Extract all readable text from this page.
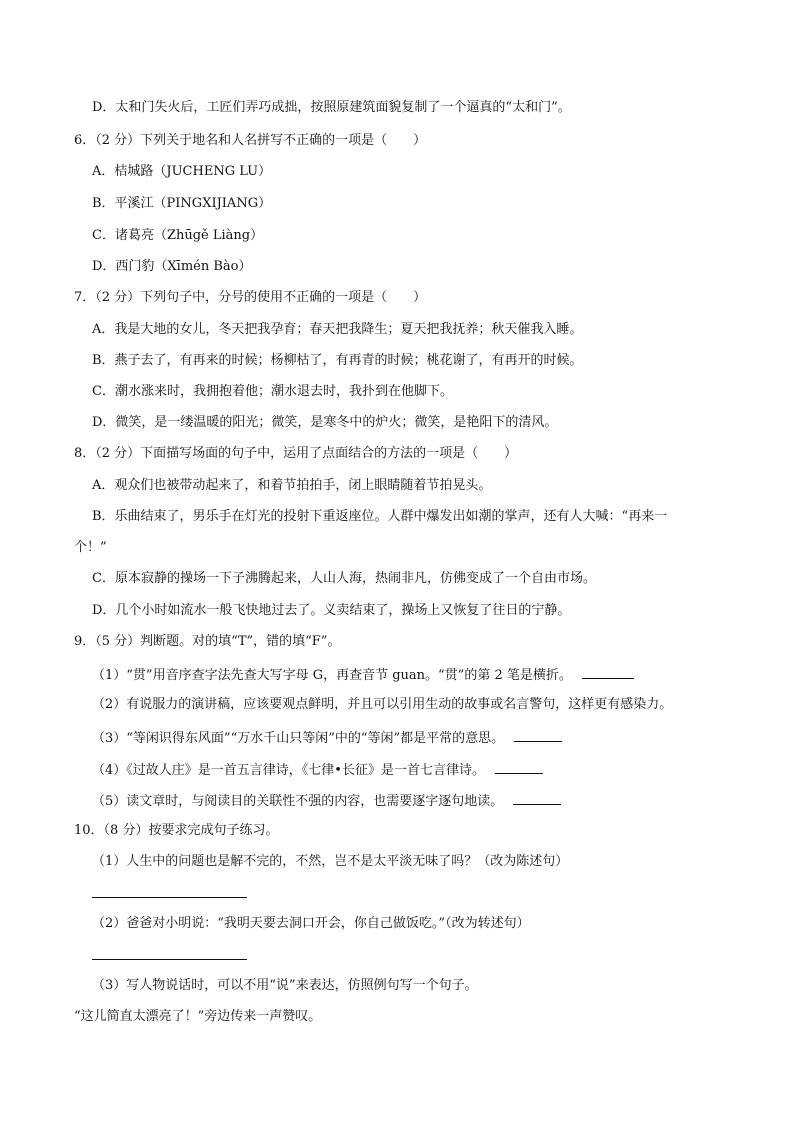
D．太和门失火后，工匠们弄巧成拙，按照原建筑面貌复制了一个逼真的“太和门”。
6．（2 分）下列关于地名和人名拼写不正确的一项是（　　）
A．桔城路（JUCHENG LU）
B．平溪江（PINGXIJIANG）
C．诸葛亮（Zhūgě Liàng）
D．西门豹（Xīmén Bào）
7．（2 分）下列句子中，分号的使用不正确的一项是（　　）
A．我是大地的女儿，冬天把我孕育；春天把我降生；夏天把我抚养；秋天催我入睡。
B．燕子去了，有再来的时候；杨柳枯了，有再青的时候；桃花谢了，有再开的时候。
C．潮水涨来时，我拥抱着他；潮水退去时，我扑到在他脚下。
D．微笑，是一缕温暖的阳光；微笑，是寒冬中的炉火；微笑，是艳阳下的清风。
8．（2 分）下面描写场面的句子中，运用了点面结合的方法的一项是（　　）
A．观众们也被带动起来了，和着节拍拍手，闭上眼睛随着节拍晃头。
B．乐曲结束了，男乐手在灯光的投射下重返座位。人群中爆发出如潮的掌声，还有人大喊：“再来一
个！”
C．原本寂静的操场一下子沸腾起来，人山人海，热闹非凡，仿佛变成了一个自由市场。
D．几个小时如流水一般飞快地过去了。义卖结束了，操场上又恢复了往日的宁静。
9．（5 分）判断题。对的填“T”，错的填“F”。
（1）“贯”用音序查字法先查大写字母 G，再查音节 guan。“贯”的第 2 笔是横折。
（2）有说服力的演讲稿，应该要观点鲜明，并且可以引用生动的故事或名言警句，这样更有感染力。
（3）“等闲识得东风面”“万水千山只等闲”中的“等闲”都是平常的意思。
（4）《过故人庄》是一首五言律诗，《七律•长征》是一首七言律诗。
（5）读文章时，与阅读目的关联性不强的内容，也需要逐字逐句地读。
10．（8 分）按要求完成句子练习。
（1）人生中的问题也是解不完的，不然，岂不是太平淡无味了吗？（改为陈述句）
（2）爸爸对小明说：“我明天要去洞口开会，你自己做饭吃。”（改为转述句）
（3）写人物说话时，可以不用“说”来表达，仿照例句写一个句子。
“这儿简直太漂亮了！”旁边传来一声赞叹。
